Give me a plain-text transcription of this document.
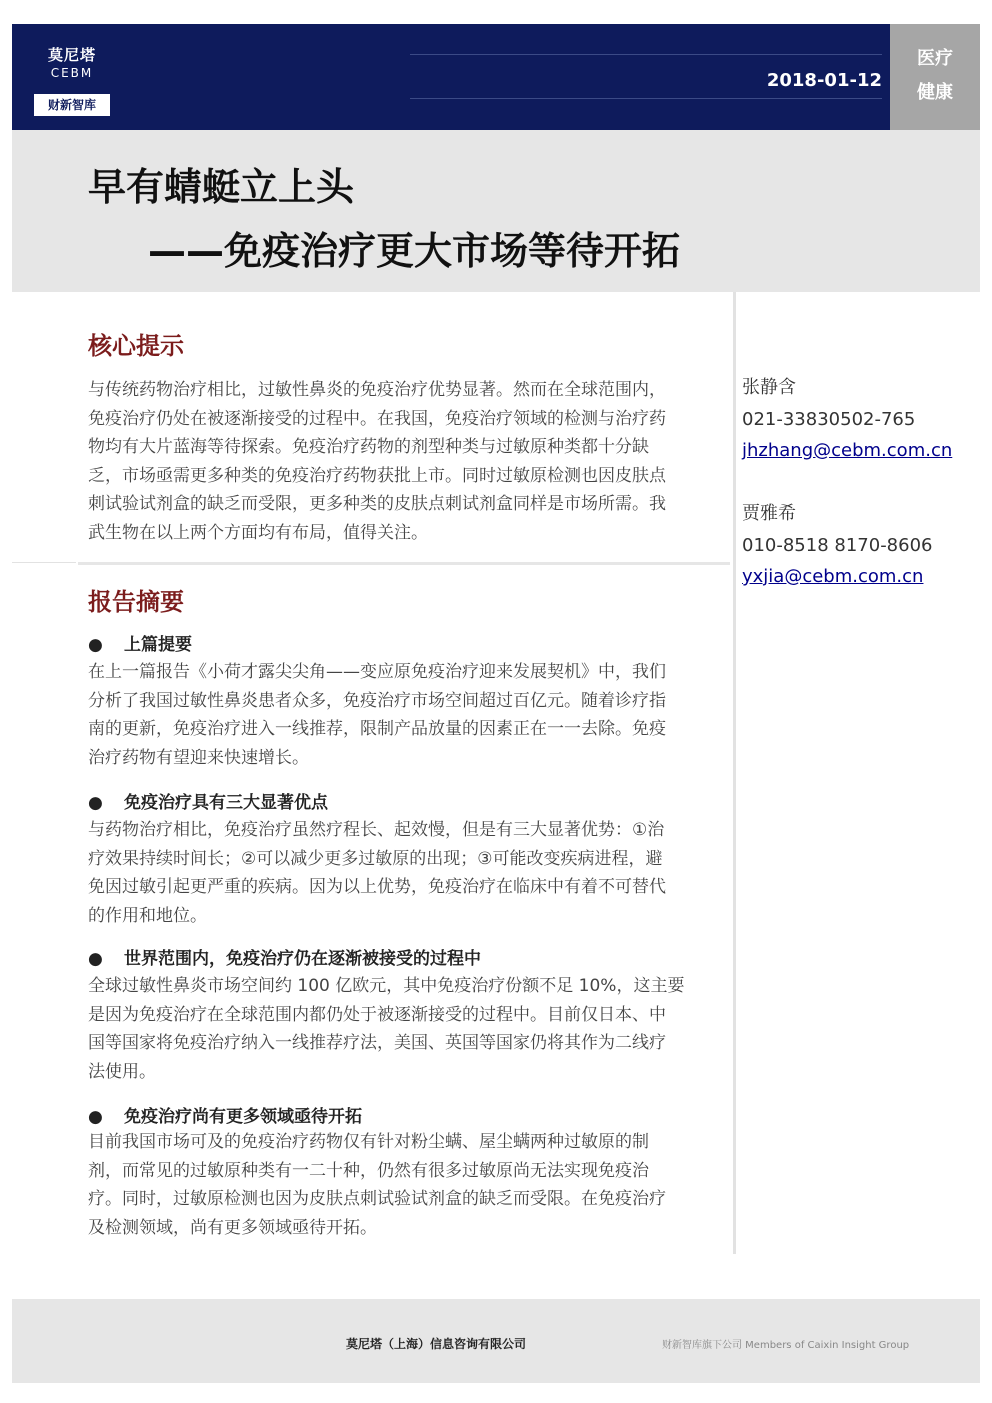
莫尼塔
CEBM
财新智库
2018-01-12
医疗
健康
早有蜻蜓立上头
——免疫治疗更大市场等待开拓
核心提示
与传统药物治疗相比，过敏性鼻炎的免疫治疗优势显著。然而在全球范围内，
免疫治疗仍处在被逐渐接受的过程中。在我国，免疫治疗领域的检测与治疗药
物均有大片蓝海等待探索。免疫治疗药物的剂型种类与过敏原种类都十分缺
乏，市场亟需更多种类的免疫治疗药物获批上市。同时过敏原检测也因皮肤点
刺试验试剂盒的缺乏而受限，更多种类的皮肤点刺试剂盒同样是市场所需。我
武生物在以上两个方面均有布局，值得关注。
报告摘要
● 上篇提要
在上一篇报告《小荷才露尖尖角——变应原免疫治疗迎来发展契机》中，我们
分析了我国过敏性鼻炎患者众多，免疫治疗市场空间超过百亿元。随着诊疗指
南的更新，免疫治疗进入一线推荐，限制产品放量的因素正在一一去除。免疫
治疗药物有望迎来快速增长。
● 免疫治疗具有三大显著优点
与药物治疗相比，免疫治疗虽然疗程长、起效慢，但是有三大显著优势：①治
疗效果持续时间长；②可以减少更多过敏原的出现；③可能改变疾病进程，避
免因过敏引起更严重的疾病。因为以上优势，免疫治疗在临床中有着不可替代
的作用和地位。
● 世界范围内，免疫治疗仍在逐渐被接受的过程中
全球过敏性鼻炎市场空间约 100 亿欧元，其中免疫治疗份额不足 10%，这主要
是因为免疫治疗在全球范围内都仍处于被逐渐接受的过程中。目前仅日本、中
国等国家将免疫治疗纳入一线推荐疗法，美国、英国等国家仍将其作为二线疗
法使用。
● 免疫治疗尚有更多领域亟待开拓
目前我国市场可及的免疫治疗药物仅有针对粉尘螨、屋尘螨两种过敏原的制
剂，而常见的过敏原种类有一二十种，仍然有很多过敏原尚无法实现免疫治
疗。同时，过敏原检测也因为皮肤点刺试验试剂盒的缺乏而受限。在免疫治疗
及检测领域，尚有更多领域亟待开拓。
张静含
021-33830502-765
jhzhang@cebm.com.cn
贾雅希
010-8518 8170-8606
yxjia@cebm.com.cn
莫尼塔（上海）信息咨询有限公司	财新智库旗下公司 Members of Caixin Insight Group
